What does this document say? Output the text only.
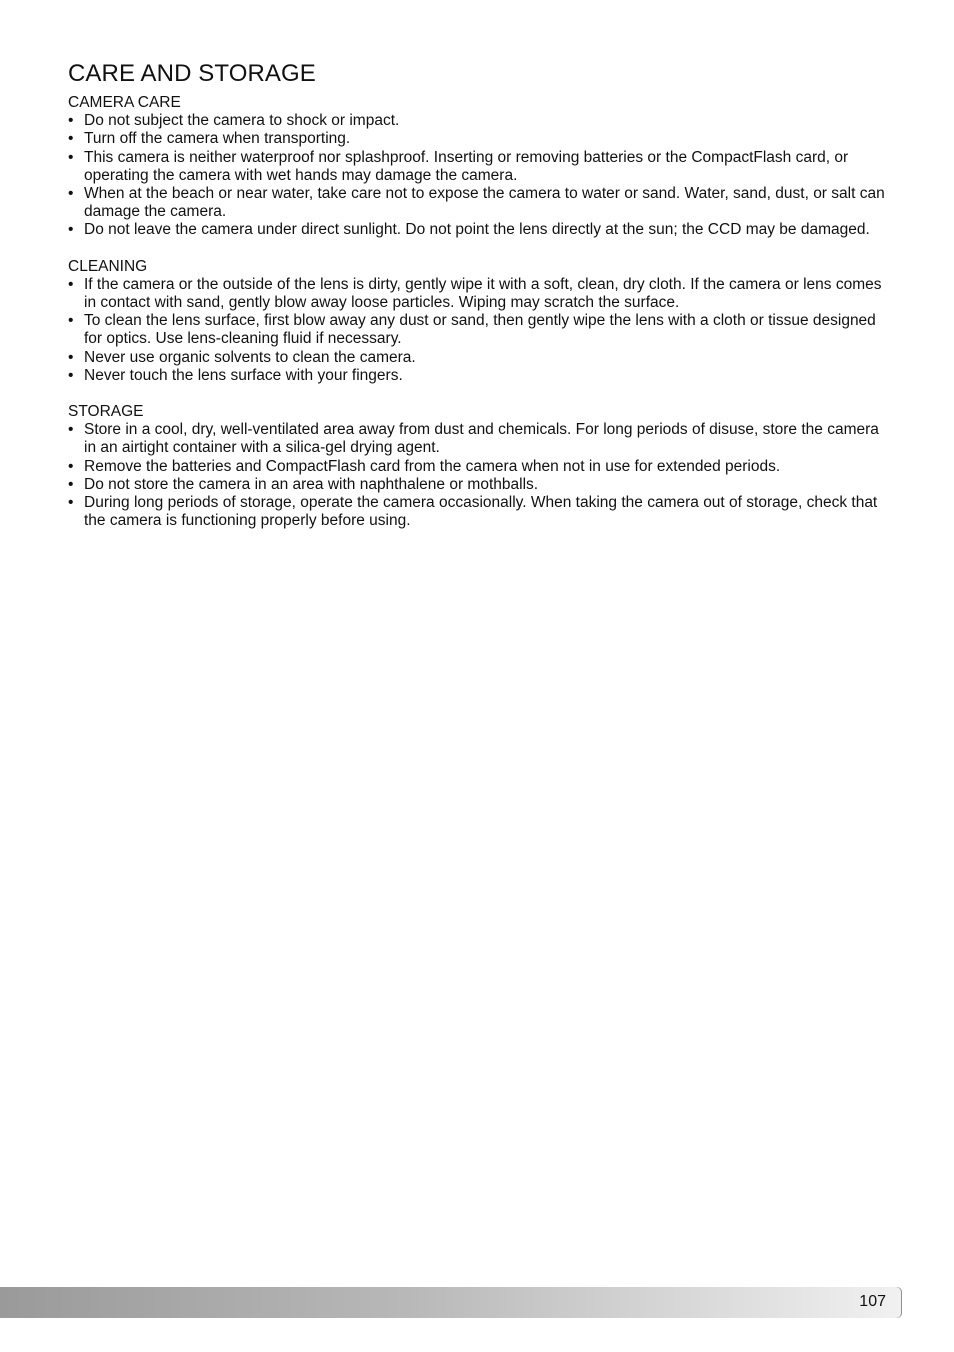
CARE AND STORAGE
CAMERA CARE
• Do not subject the camera to shock or impact.
• Turn off the camera when transporting.
• This camera is neither waterproof nor splashproof. Inserting or removing batteries or the CompactFlash card, or operating the camera with wet hands may damage the camera.
• When at the beach or near water, take care not to expose the camera to water or sand. Water, sand, dust, or salt can damage the camera.
• Do not leave the camera under direct sunlight. Do not point the lens directly at the sun; the CCD may be damaged.
CLEANING
• If the camera or the outside of the lens is dirty, gently wipe it with a soft, clean, dry cloth. If the camera or lens comes in contact with sand, gently blow away loose particles. Wiping may scratch the surface.
• To clean the lens surface, first blow away any dust or sand, then gently wipe the lens with a cloth or tissue designed for optics. Use lens-cleaning fluid if necessary.
• Never use organic solvents to clean the camera.
• Never touch the lens surface with your fingers.
STORAGE
• Store in a cool, dry, well-ventilated area away from dust and chemicals. For long periods of disuse, store the camera in an airtight container with a silica-gel drying agent.
• Remove the batteries and CompactFlash card from the camera when not in use for extended periods.
• Do not store the camera in an area with naphthalene or mothballs.
• During long periods of storage, operate the camera occasionally. When taking the camera out of storage, check that the camera is functioning properly before using.
107
